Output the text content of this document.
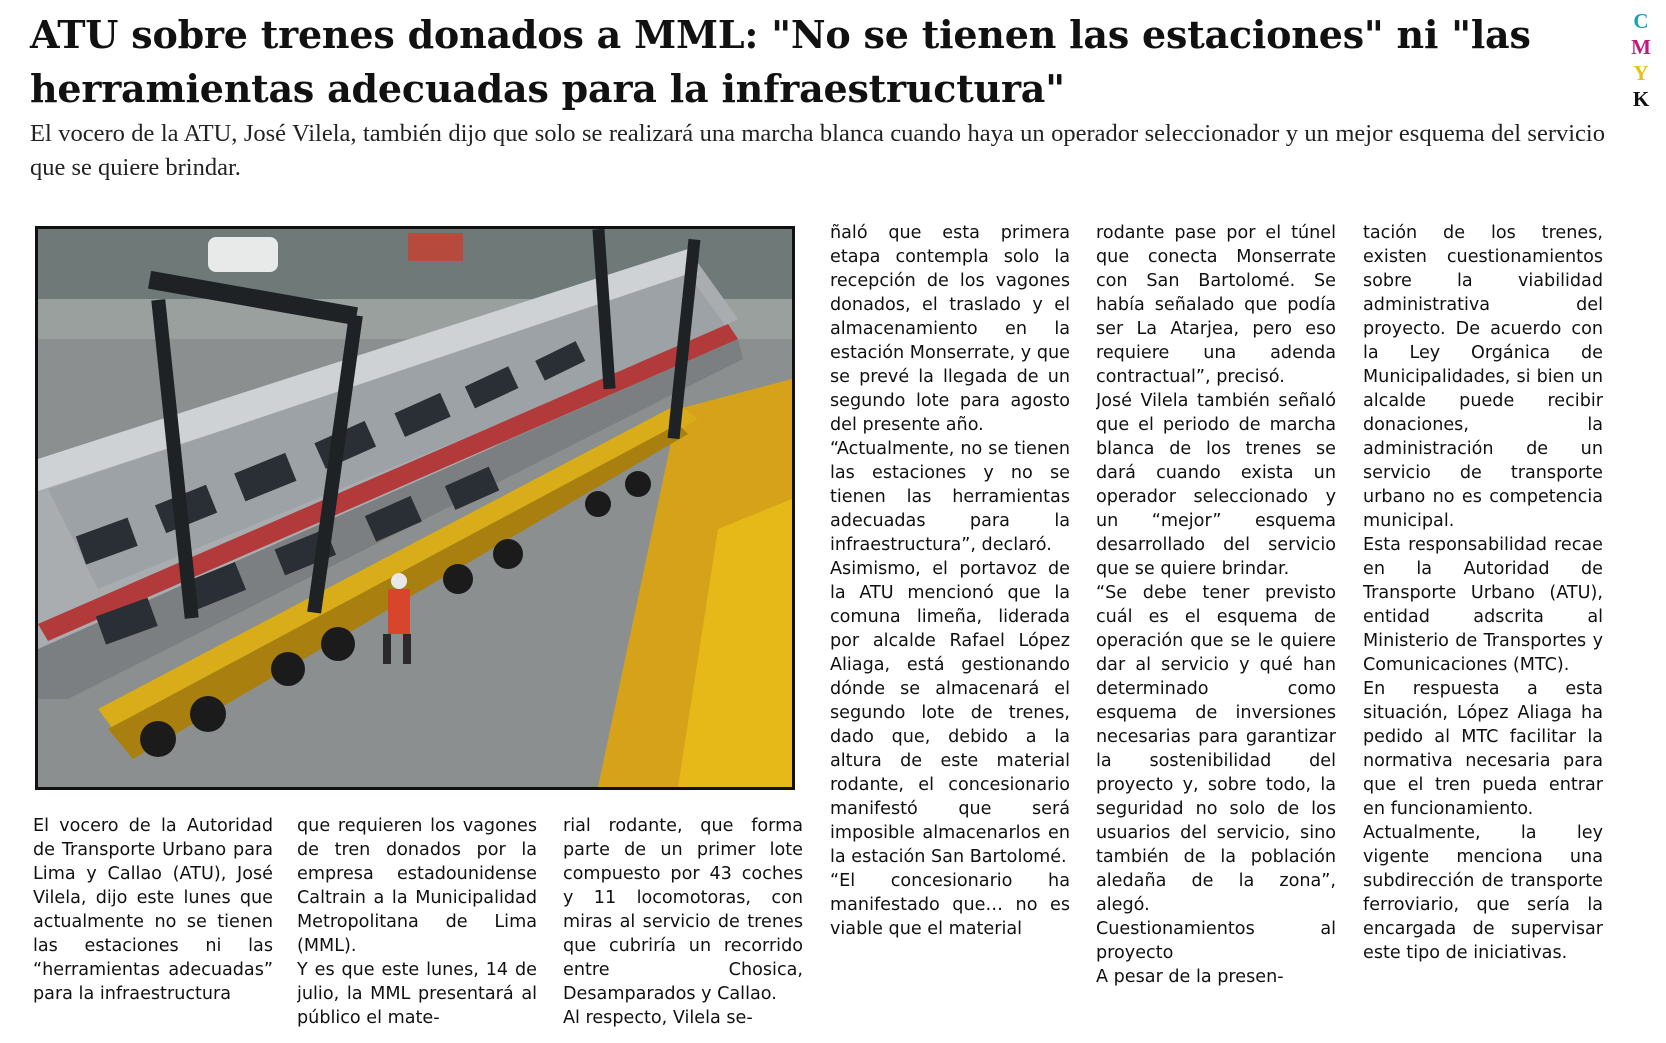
ATU sobre trenes donados a MML: "No se tienen las estaciones" ni "las herramientas adecuadas para la infraestructura"

El vocero de la ATU, José Vilela, también dijo que solo se realizará una marcha blanca cuando haya un operador seleccionador y un mejor esquema del servicio que se quiere brindar.

C
M
Y
K

El vocero de la Autoridad de Transporte Urbano para Lima y Callao (ATU), José Vilela, dijo este lunes que actualmente no se tienen las estaciones ni las “herramientas adecuadas” para la infraestructura

que requieren los vagones de tren donados por la empresa estadounidense Caltrain a la Municipalidad Metropolitana de Lima (MML).

Y es que este lunes, 14 de julio, la MML presentará al público el mate-

rial rodante, que forma parte de un primer lote compuesto por 43 coches y 11 locomotoras, con miras al servicio de trenes que cubriría un recorrido entre Chosica, Desamparados y Callao.

Al respecto, Vilela se-

ñaló que esta primera etapa contempla solo la recepción de los vagones donados, el traslado y el almacenamiento en la estación Monserrate, y que se prevé la llegada de un segundo lote para agosto del presente año.

“Actualmente, no se tienen las estaciones y no se tienen las herramientas adecuadas para la infraestructura”, declaró.

Asimismo, el portavoz de la ATU mencionó que la comuna limeña, liderada por alcalde Rafael López Aliaga, está gestionando dónde se almacenará el segundo lote de trenes, dado que, debido a la altura de este material rodante, el concesionario manifestó que será imposible almacenarlos en la estación San Bartolomé.

“El concesionario ha manifestado que… no es viable que el material

rodante pase por el túnel que conecta Monserrate con San Bartolomé. Se había señalado que podía ser La Atarjea, pero eso requiere una adenda contractual”, precisó.

José Vilela también señaló que el periodo de marcha blanca de los trenes se dará cuando exista un operador seleccionado y un “mejor” esquema desarrollado del servicio que se quiere brindar.

“Se debe tener previsto cuál es el esquema de operación que se le quiere dar al servicio y qué han determinado como esquema de inversiones necesarias para garantizar la sostenibilidad del proyecto y, sobre todo, la seguridad no solo de los usuarios del servicio, sino también de la población aledaña de la zona”, alegó.

Cuestionamientos al proyecto

A pesar de la presen-

tación de los trenes, existen cuestionamientos sobre la viabilidad administrativa del proyecto. De acuerdo con la Ley Orgánica de Municipalidades, si bien un alcalde puede recibir donaciones, la administración de un servicio de transporte urbano no es competencia municipal.

Esta responsabilidad recae en la Autoridad de Transporte Urbano (ATU), entidad adscrita al Ministerio de Transportes y Comunicaciones (MTC).

En respuesta a esta situación, López Aliaga ha pedido al MTC facilitar la normativa necesaria para que el tren pueda entrar en funcionamiento.

Actualmente, la ley vigente menciona una subdirección de transporte ferroviario, que sería la encargada de supervisar este tipo de iniciativas.
